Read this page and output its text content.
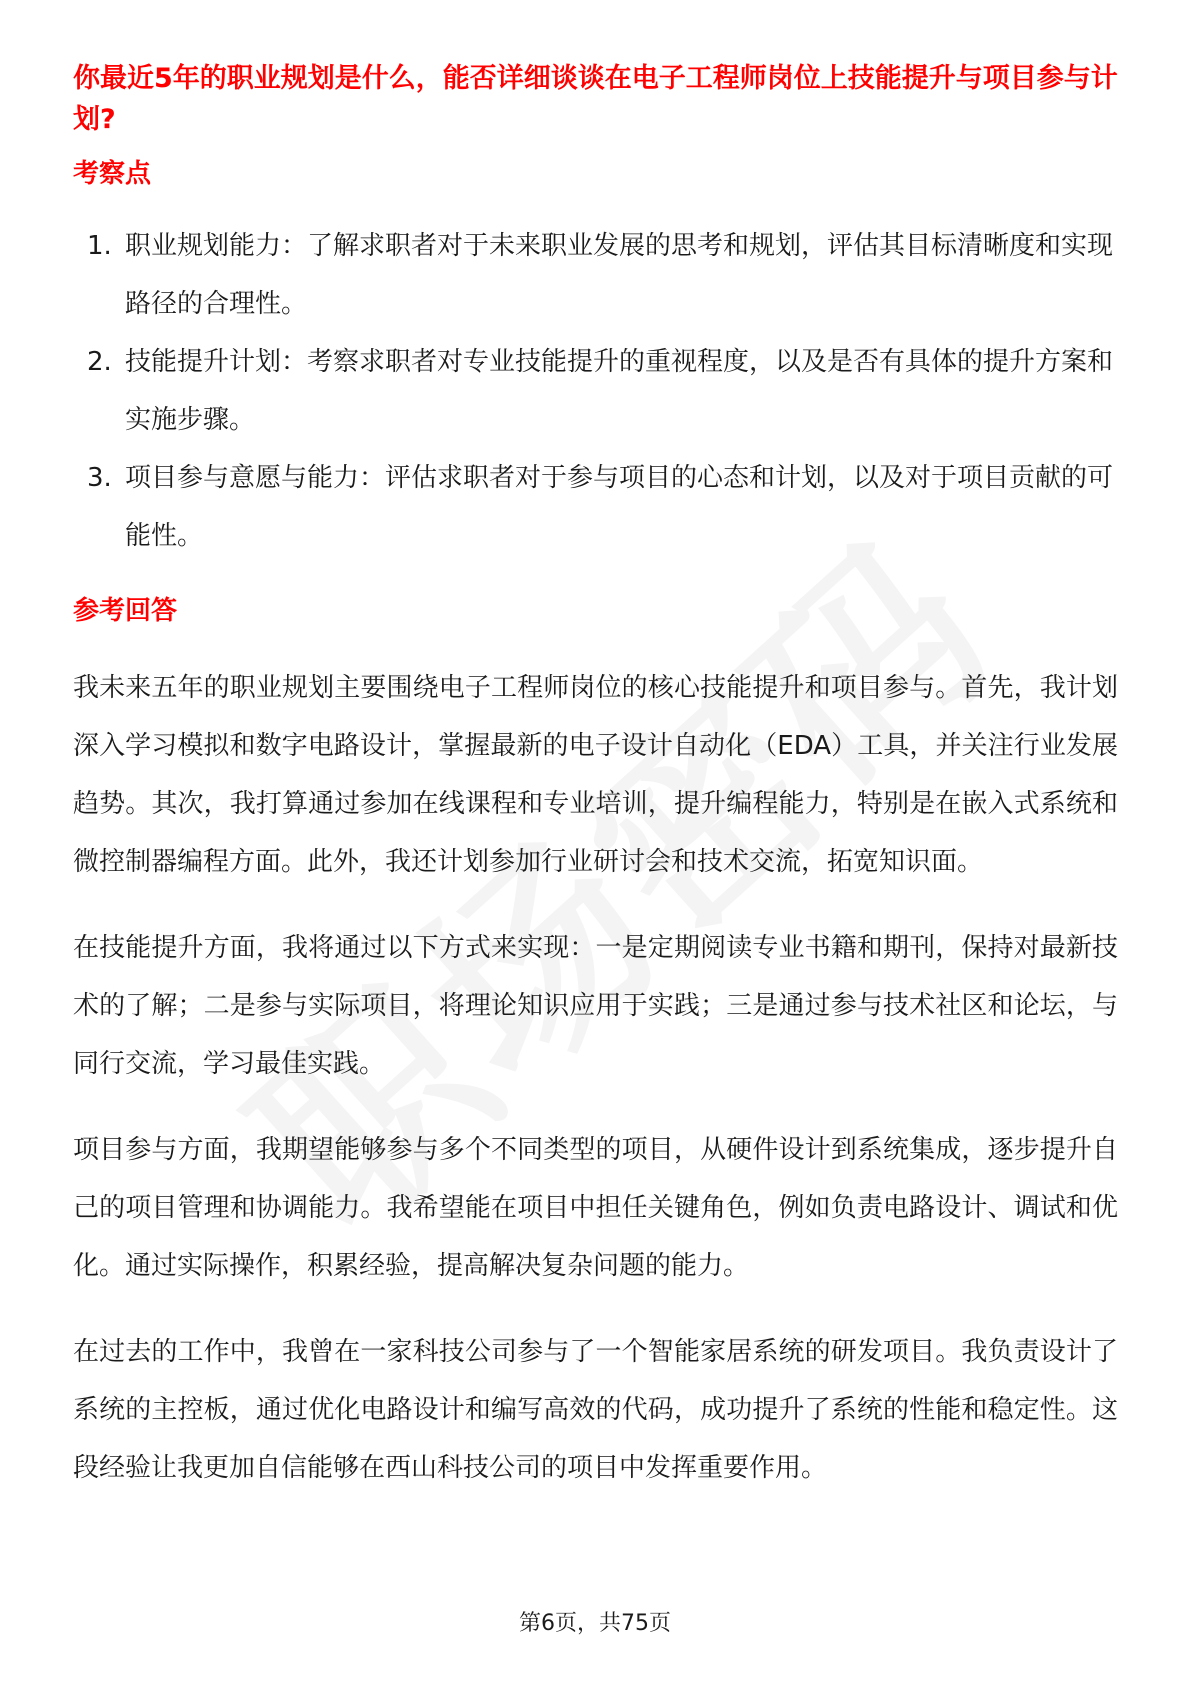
你最近5年的职业规划是什么，能否详细谈谈在电子工程师岗位上技能提升与项目参与计划?
考察点
1. 职业规划能力：了解求职者对于未来职业发展的思考和规划，评估其目标清晰度和实现路径的合理性。
2. 技能提升计划：考察求职者对专业技能提升的重视程度，以及是否有具体的提升方案和实施步骤。
3. 项目参与意愿与能力：评估求职者对于参与项目的心态和计划，以及对于项目贡献的可能性。
参考回答

我未来五年的职业规划主要围绕电子工程师岗位的核心技能提升和项目参与。首先，我计划深入学习模拟和数字电路设计，掌握最新的电子设计自动化（EDA）工具，并关注行业发展趋势。其次，我打算通过参加在线课程和专业培训，提升编程能力，特别是在嵌入式系统和微控制器编程方面。此外，我还计划参加行业研讨会和技术交流，拓宽知识面。

在技能提升方面，我将通过以下方式来实现：一是定期阅读专业书籍和期刊，保持对最新技术的了解；二是参与实际项目，将理论知识应用于实践；三是通过参与技术社区和论坛，与同行交流，学习最佳实践。

项目参与方面，我期望能够参与多个不同类型的项目，从硬件设计到系统集成，逐步提升自己的项目管理和协调能力。我希望能在项目中担任关键角色，例如负责电路设计、调试和优化。通过实际操作，积累经验，提高解决复杂问题的能力。

在过去的工作中，我曾在一家科技公司参与了一个智能家居系统的研发项目。我负责设计了系统的主控板，通过优化电路设计和编写高效的代码，成功提升了系统的性能和稳定性。这段经验让我更加自信能够在西山科技公司的项目中发挥重要作用。

第6页，共75页
